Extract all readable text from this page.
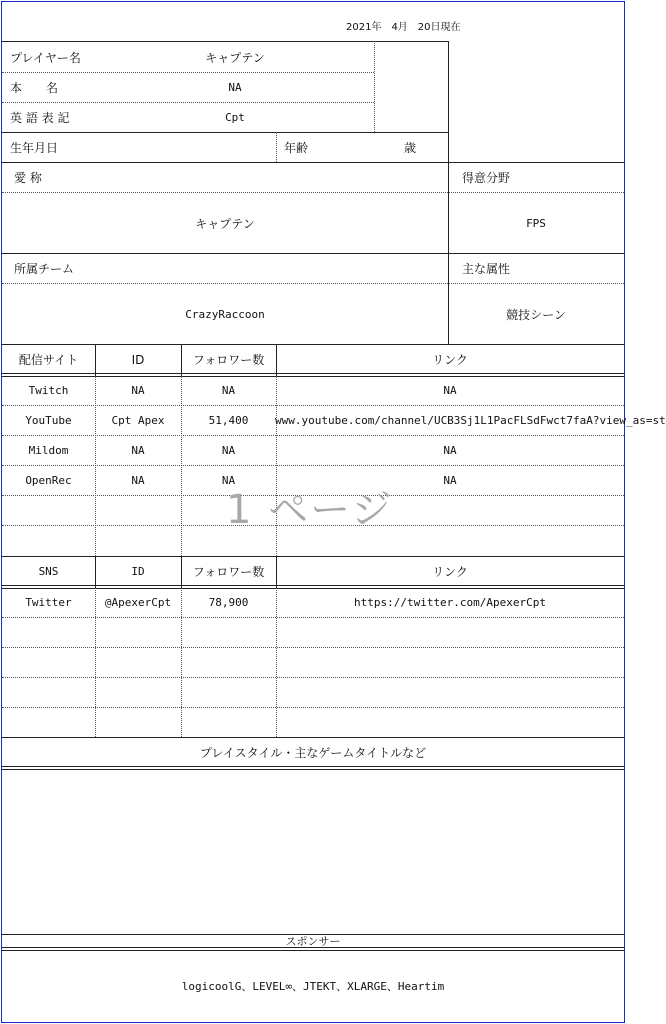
2021年　4月　20日現在
プレイヤー名	キャプテン
本　　名	NA
英 語 表 記	Cpt
生年月日	年齢	歳
愛 称
キャプテン
得意分野
FPS
所属チーム
CrazyRaccoon
主な属性
競技シーン
配信サイト	ID	フォロワー数	リンク
Twitch	NA	NA	NA
YouTube	Cpt Apex	51,400	www.youtube.com/channel/UCB3Sj1L1PacFLSdFwct7faA?view_as=st
Mildom	NA	NA	NA
OpenRec	NA	NA	NA
SNS	ID	フォロワー数	リンク
Twitter	@ApexerCpt	78,900	https://twitter.com/ApexerCpt
プレイスタイル・主なゲームタイトルなど
スポンサー
logicoolG、LEVEL∞、JTEKT、XLARGE、Heartim
1 ページ
